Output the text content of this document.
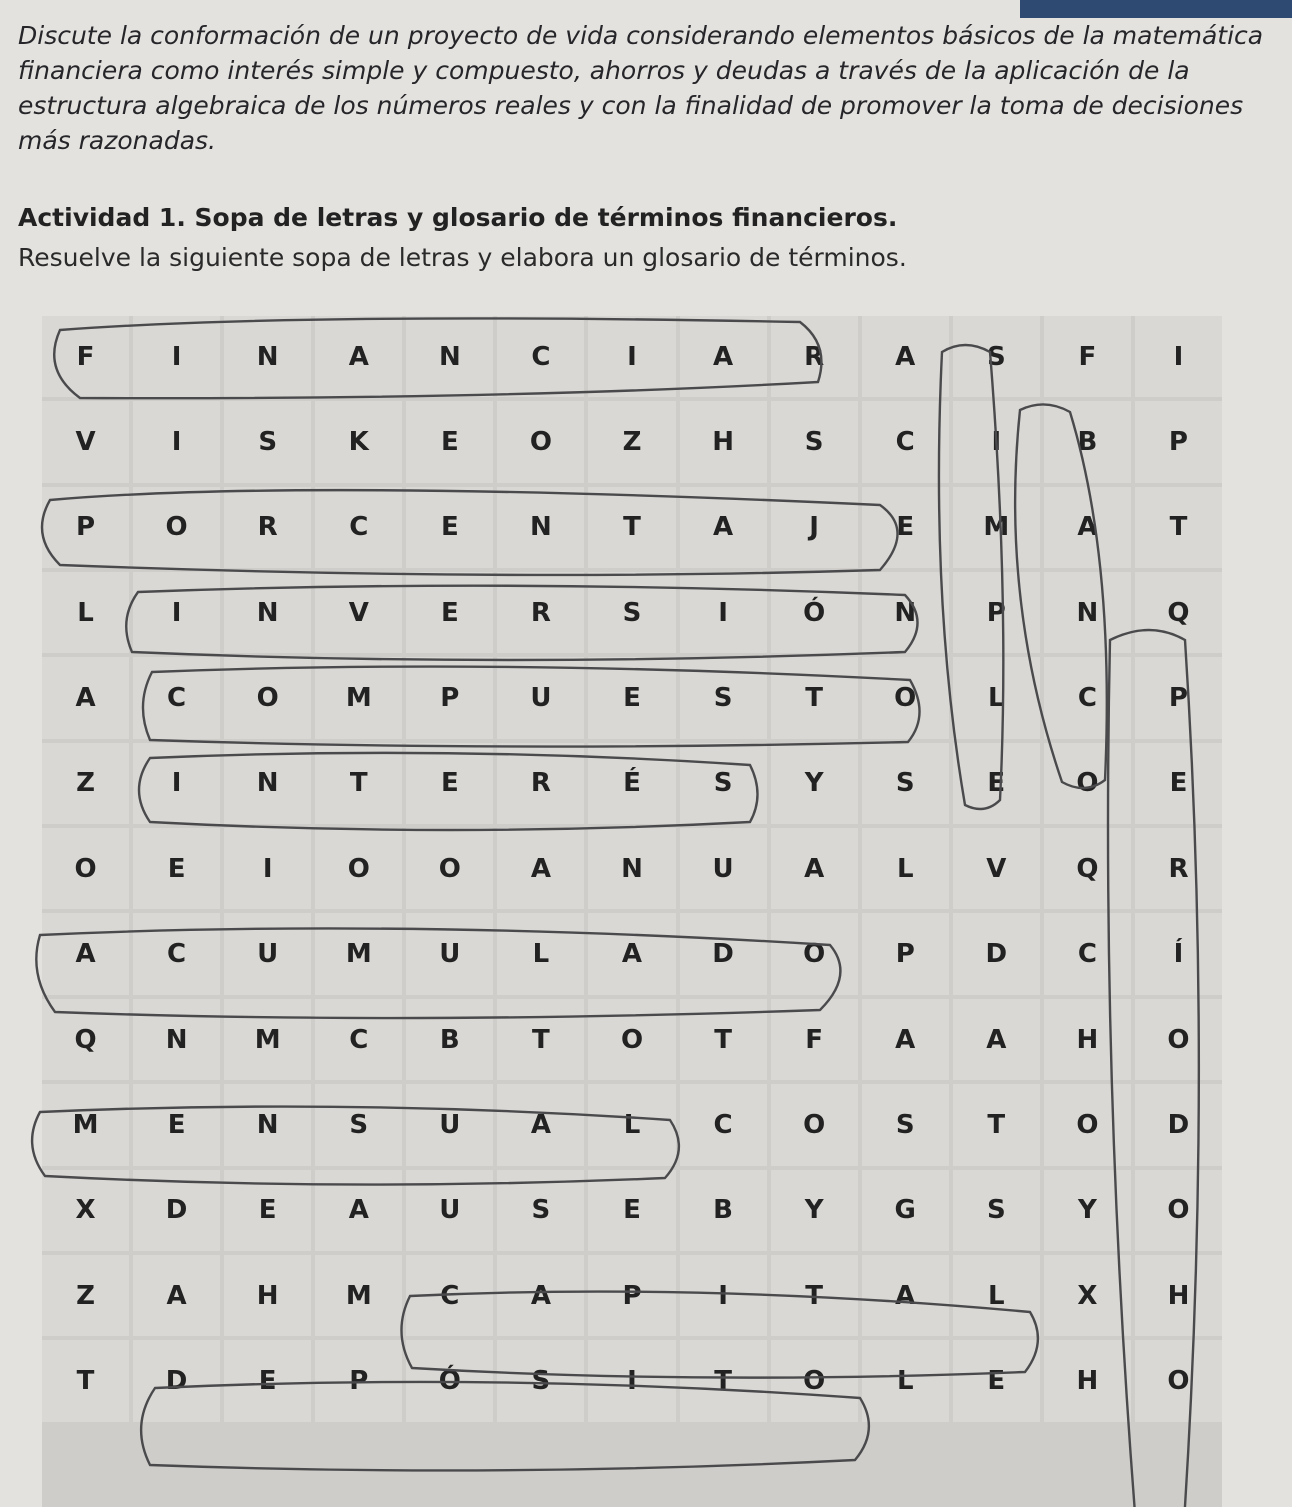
Discute la conformación de un proyecto de vida considerando elementos básicos de la matemática financiera como interés simple y compuesto, ahorros y deudas a través de la aplicación de la estructura algebraica de los números reales y con la finalidad de promover la toma de decisiones más razonadas.

Actividad 1. Sopa de letras y glosario de términos financieros.

Resuelve la siguiente sopa de letras y elabora un glosario de términos.

F	I	N	A	N	C	I	A	R	A	S	F	I
V	I	S	K	E	O	Z	H	S	C	I	B	P
P	O	R	C	E	N	T	A	J	E	M	A	T
L	I	N	V	E	R	S	I	Ó	N	P	N	Q
A	C	O	M	P	U	E	S	T	O	L	C	P
Z	I	N	T	E	R	É	S	Y	S	E	O	E
O	E	I	O	O	A	N	U	A	L	V	Q	R
A	C	U	M	U	L	A	D	O	P	D	C	Í
Q	N	M	C	B	T	O	T	F	A	A	H	O
M	E	N	S	U	A	L	C	O	S	T	O	D
X	D	E	A	U	S	E	B	Y	G	S	Y	O
Z	A	H	M	C	A	P	I	T	A	L	X	H
T	D	E	P	Ó	S	I	T	O	L	E	H	O
